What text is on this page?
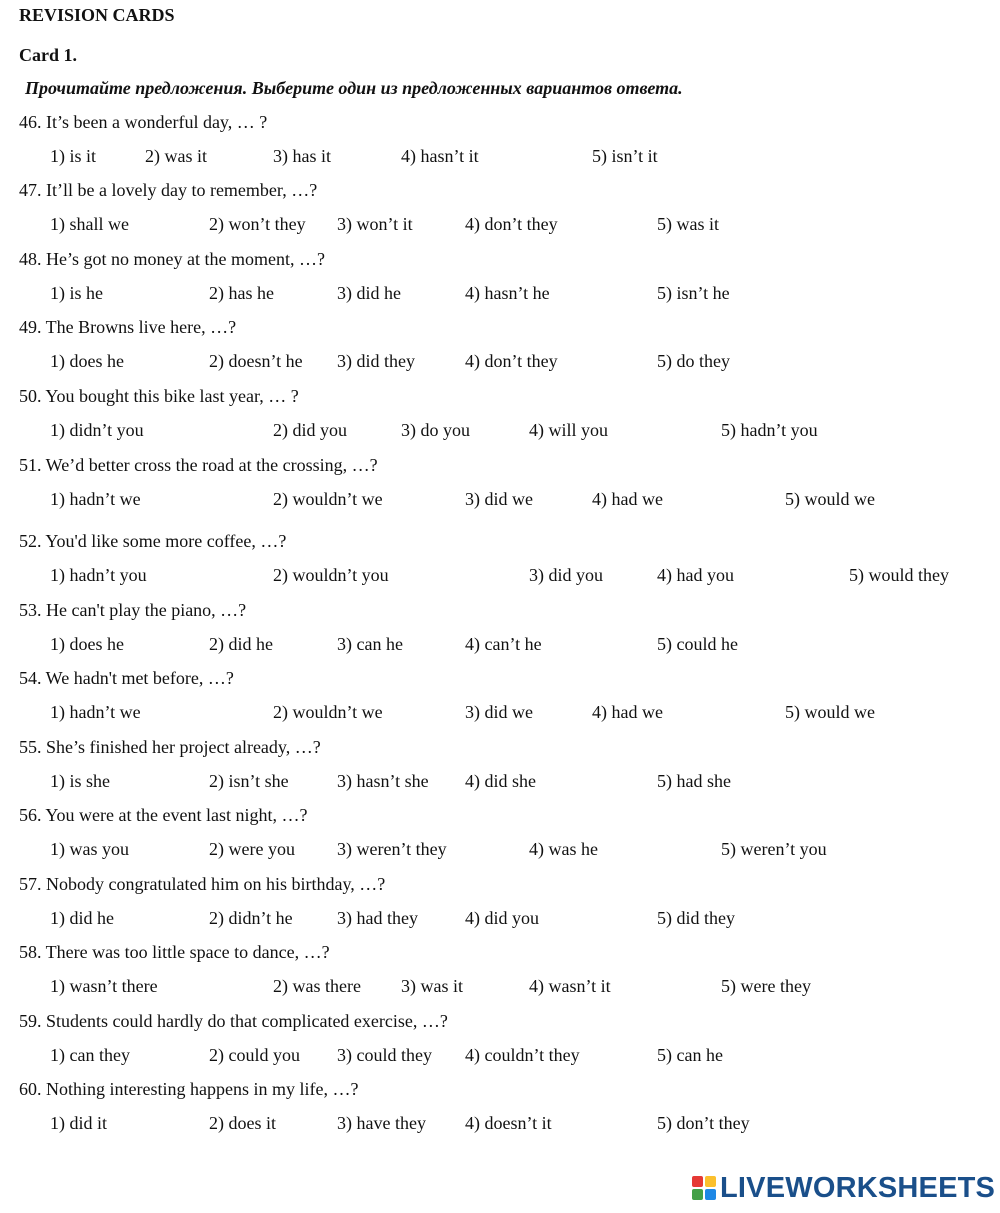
REVISION CARDS
Card 1.
Прочитайте предложения. Выберите один из предложенных вариантов ответа.
46. It’s been a wonderful day, … ?
1) is it	2) was it	3) has it	4) hasn’t it	5) isn’t it
47. It’ll be a lovely day to remember, …?
1) shall we	2) won’t they 3) won’t it	4) don’t they	5) was it
48. He’s got no money at the moment, …?
1) is he	2) has he	3) did he	4) hasn’t he	5) isn’t he
49. The Browns live here, …?
1) does he	2) doesn’t he 3) did they	4) don’t they	5) do they
50. You bought this bike last year, … ?
1) didn’t you	2) did you	3) do you	4) will you	5) hadn’t you
51. We’d better cross the road at the crossing, …?
1) hadn’t we	2) wouldn’t we	3) did we	4) had we	5) would we
52. You'd like some more coffee, …?
1) hadn’t you	2) wouldn’t you	3) did you	4) had you	5) would they
53. He can't play the piano, …?
1) does he	2) did he	3) can he	4) can’t he	5) could he
54. We hadn't met before, …?
1) hadn’t we	2) wouldn’t we	3) did we	4) had we	5) would we
55. She’s finished her project already, …?
1) is she	2) isn’t she	3) hasn’t she 4) did she	5) had she
56. You were at the event last night, …?
1) was you	2) were you 3) weren’t they	4) was he	5) weren’t you
57. Nobody congratulated him on his birthday, …?
1) did he	2) didn’t he 3) had they	4) did you	5) did they
58. There was too little space to dance, …?
1) wasn’t there	2) was there 3) was it	4) wasn’t it	5) were they
59. Students could hardly do that complicated exercise, …?
1) can they	2) could you 3) could they 4) couldn’t they	5) can he
60. Nothing interesting happens in my life, …?
1) did it	2) does it	3) have they 4) doesn’t it	5) don’t they
LIVEWORKSHEETS
